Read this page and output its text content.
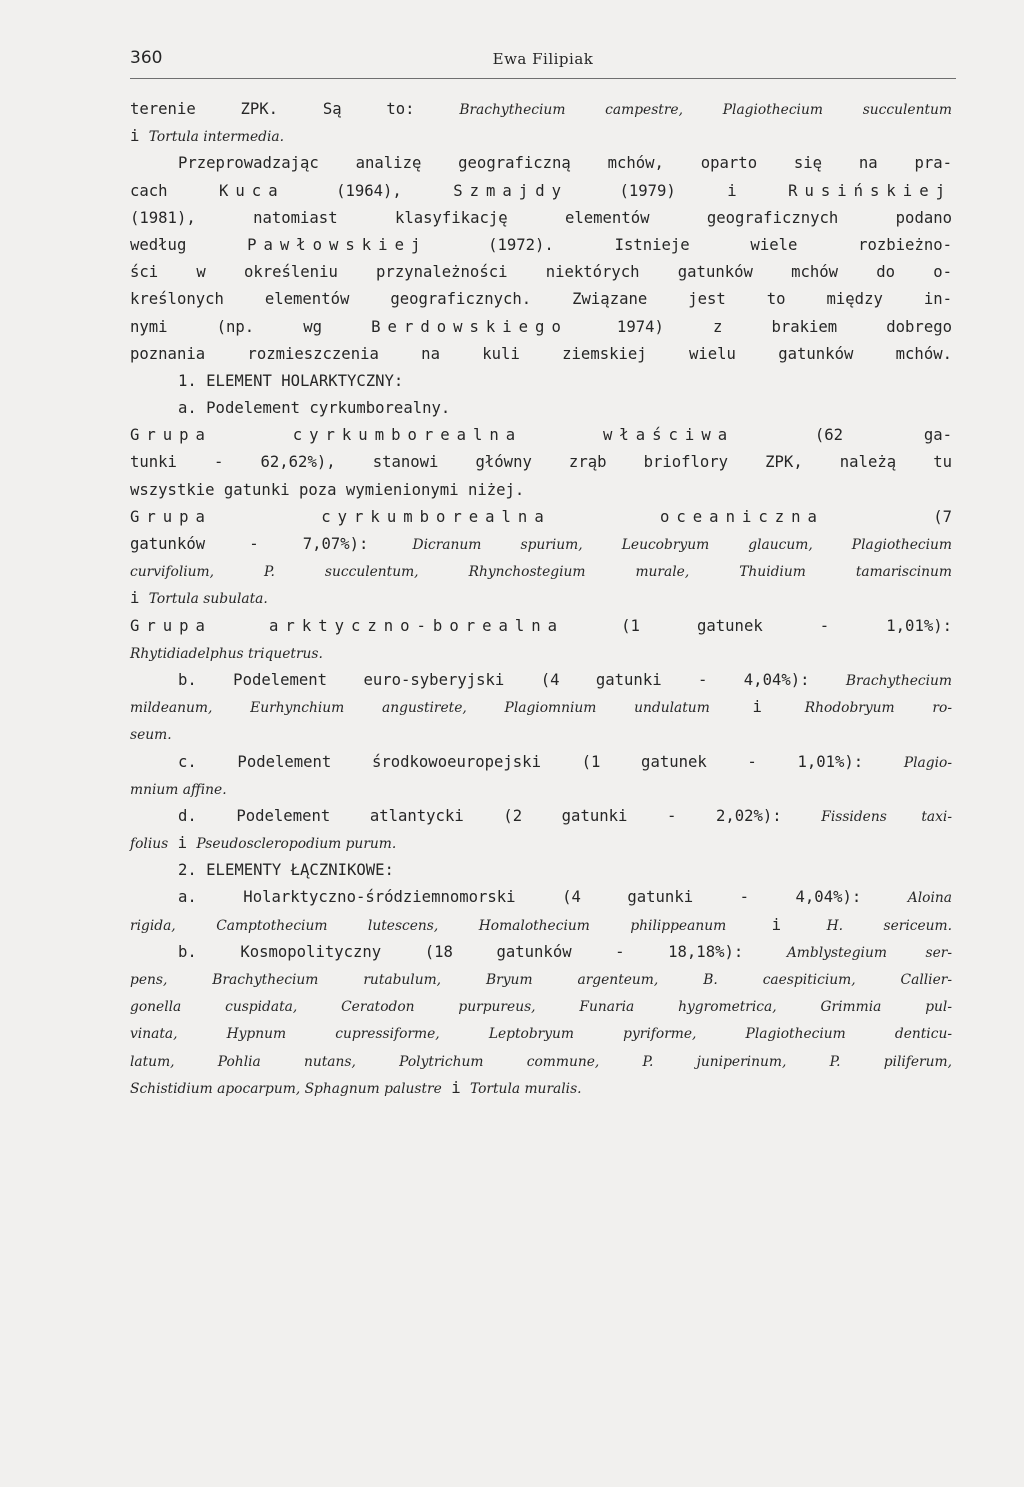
360	Ewa Filipiak
terenie ZPK. Są to: Brachythecium campestre, Plagiothecium succulentum
i Tortula intermedia.
Przeprowadzając analizę geograficzną mchów, oparto się na pra-
cach Kuca (1964), Szmajdy (1979) i Rusińskiej
(1981), natomiast klasyfikację elementów geograficznych podano
według Pawłowskiej (1972). Istnieje wiele rozbieżno-
ści w określeniu przynależności niektórych gatunków mchów do o-
kreślonych elementów geograficznych. Związane jest to między in-
nymi (np. wg Berdowskiego 1974) z brakiem dobrego
poznania rozmieszczenia na kuli ziemskiej wielu gatunków mchów.
1. ELEMENT HOLARKTYCZNY:
a. Podelement cyrkumborealny.
Grupa	cyrkumborealna	właściwa (62 ga-
tunki - 62,62%), stanowi główny zrąb brioflory ZPK, należą tu
wszystkie gatunki poza wymienionymi niżej.
Grupa	cyrkumborealna	oceaniczna (7
gatunków - 7,07%): Dicranum spurium, Leucobryum glaucum, Plagiothecium
curvifolium, P. succulentum, Rhynchostegium murale, Thuidium tamariscinum
i Tortula subulata.
Grupa	arktyczno-borealna (1 gatunek - 1,01%):
Rhytidiadelphus triquetrus.
b. Podelement euro-syberyjski (4 gatunki - 4,04%): Brachythecium
mildeanum, Eurhynchium angustirete, Plagiomnium undulatum i Rhodobryum ro-
seum.
c. Podelement środkowoeuropejski (1 gatunek - 1,01%): Plagio-
mnium affine.
d. Podelement atlantycki (2 gatunki - 2,02%): Fissidens taxi-
folius i Pseudoscleropodium purum.
2. ELEMENTY ŁĄCZNIKOWE:
a. Holarktyczno-śródziemnomorski (4 gatunki - 4,04%): Aloina
rigida, Camptothecium lutescens, Homalothecium philippeanum i H. sericeum.
b. Kosmopolityczny (18 gatunków - 18,18%): Amblystegium ser-
pens, Brachythecium rutabulum, Bryum argenteum, B. caespiticium, Callier-
gonella cuspidata, Ceratodon purpureus, Funaria hygrometrica, Grimmia pul-
vinata, Hypnum cupressiforme, Leptobryum pyriforme, Plagiothecium denticu-
latum, Pohlia nutans, Polytrichum commune, P. juniperinum, P. piliferum,
Schistidium apocarpum, Sphagnum palustre i Tortula muralis.
